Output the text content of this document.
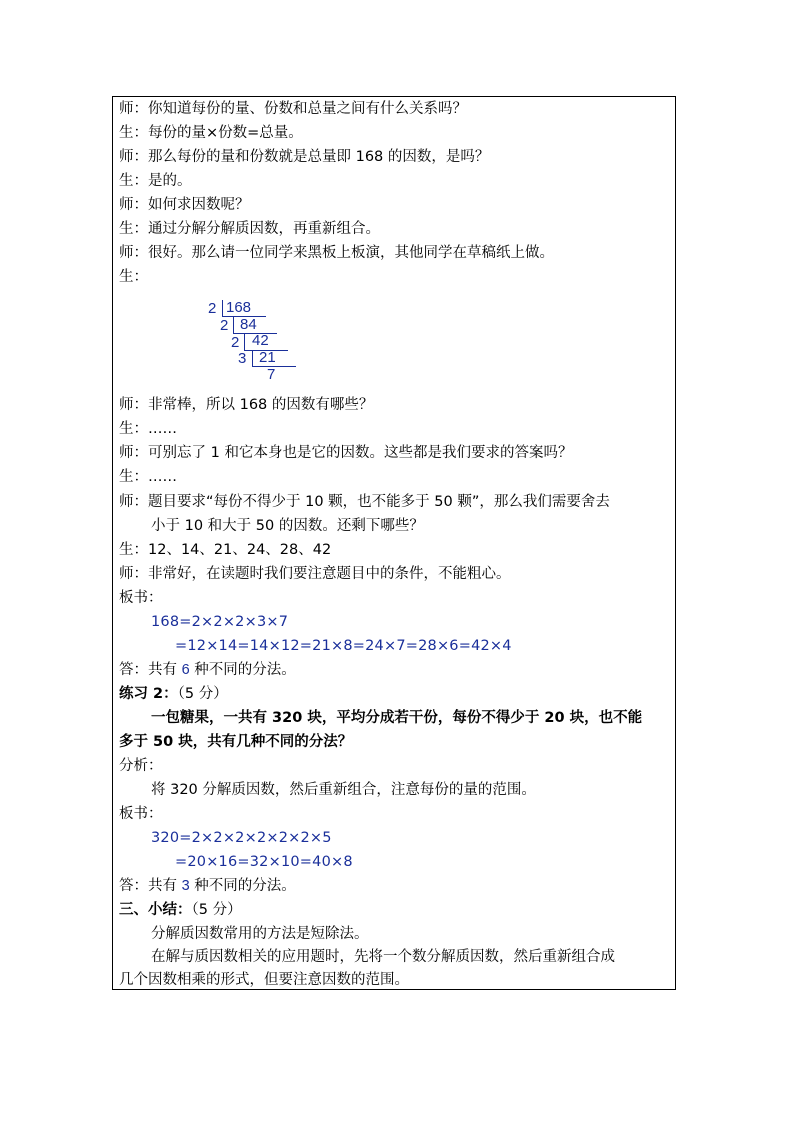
师：你知道每份的量、份数和总量之间有什么关系吗？
生：每份的量×份数=总量。
师：那么每份的量和份数就是总量即 168 的因数，是吗？
生：是的。
师：如何求因数呢？
生：通过分解分解质因数，再重新组合。
师：很好。那么请一位同学来黑板上板演，其他同学在草稿纸上做。
生：
2 168
2 84
2 42
3 21
7
师：非常棒，所以 168 的因数有哪些？
生：……
师：可别忘了 1 和它本身也是它的因数。这些都是我们要求的答案吗？
生：……
师：题目要求“每份不得少于 10 颗，也不能多于 50 颗”，那么我们需要舍去
小于 10 和大于 50 的因数。还剩下哪些？
生：12、14、21、24、28、42
师：非常好，在读题时我们要注意题目中的条件，不能粗心。
板书：
168=2×2×2×3×7
=12×14=14×12=21×8=24×7=28×6=42×4
答：共有 6 种不同的分法。
练习 2：（5 分）
一包糖果，一共有 320 块，平均分成若干份，每份不得少于 20 块，也不能
多于 50 块，共有几种不同的分法？
分析：
将 320 分解质因数，然后重新组合，注意每份的量的范围。
板书：
320=2×2×2×2×2×2×5
=20×16=32×10=40×8
答：共有 3 种不同的分法。
三、小结：（5 分）
分解质因数常用的方法是短除法。
在解与质因数相关的应用题时，先将一个数分解质因数，然后重新组合成
几个因数相乘的形式，但要注意因数的范围。
